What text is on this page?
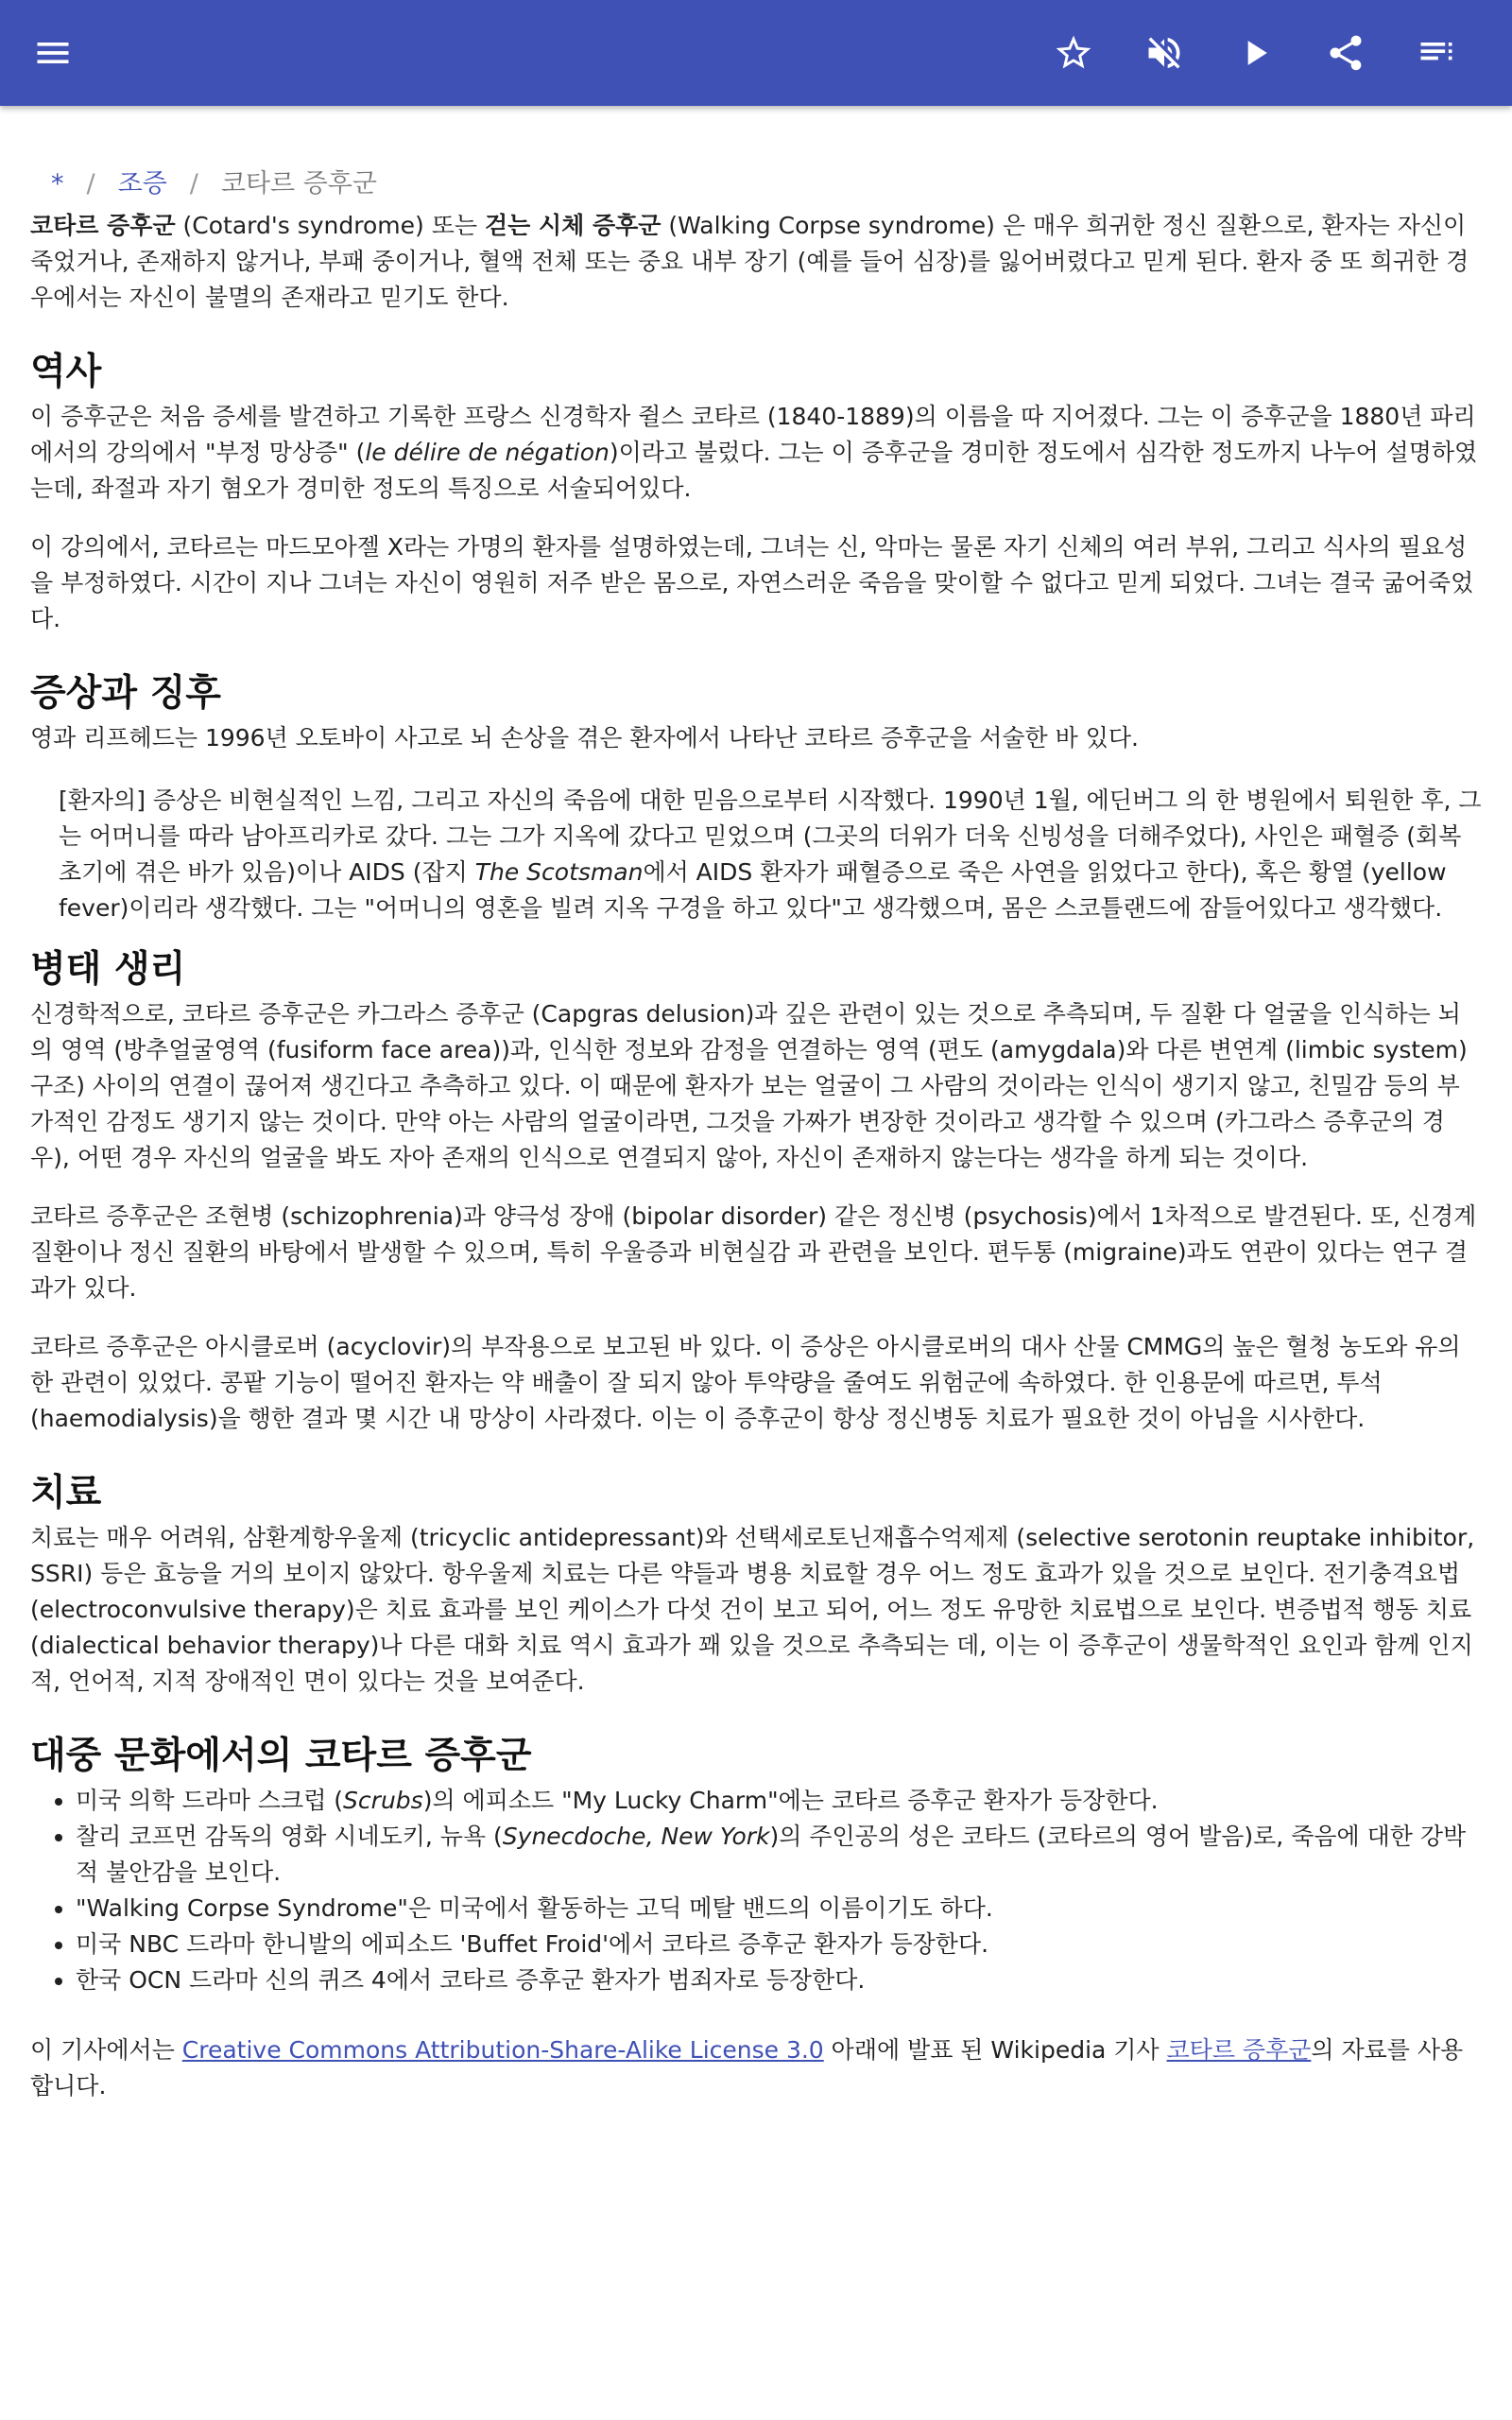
* / 조증 / 코타르 증후군

코타르 증후군 (Cotard's syndrome) 또는 걷는 시체 증후군 (Walking Corpse syndrome) 은 매우 희귀한 정신 질환으로, 환자는 자신이 죽었거나, 존재하지 않거나, 부패 중이거나, 혈액 전체 또는 중요 내부 장기 (예를 들어 심장)를 잃어버렸다고 믿게 된다. 환자 중 또 희귀한 경우에서는 자신이 불멸의 존재라고 믿기도 한다.

역사

이 증후군은 처음 증세를 발견하고 기록한 프랑스 신경학자 쥘스 코타르 (1840-1889)의 이름을 따 지어졌다. 그는 이 증후군을 1880년 파리 에서의 강의에서 "부정 망상증" (le délire de négation)이라고 불렀다. 그는 이 증후군을 경미한 정도에서 심각한 정도까지 나누어 설명하였는데, 좌절과 자기 혐오가 경미한 정도의 특징으로 서술되어있다.

이 강의에서, 코타르는 마드모아젤 X라는 가명의 환자를 설명하였는데, 그녀는 신, 악마는 물론 자기 신체의 여러 부위, 그리고 식사의 필요성을 부정하였다. 시간이 지나 그녀는 자신이 영원히 저주 받은 몸으로, 자연스러운 죽음을 맞이할 수 없다고 믿게 되었다. 그녀는 결국 굶어죽었다.

증상과 징후

영과 리프헤드는 1996년 오토바이 사고로 뇌 손상을 겪은 환자에서 나타난 코타르 증후군을 서술한 바 있다.

[환자의] 증상은 비현실적인 느낌, 그리고 자신의 죽음에 대한 믿음으로부터 시작했다. 1990년 1월, 에딘버그 의 한 병원에서 퇴원한 후, 그는 어머니를 따라 남아프리카로 갔다. 그는 그가 지옥에 갔다고 믿었으며 (그곳의 더위가 더욱 신빙성을 더해주었다), 사인은 패혈증 (회복 초기에 겪은 바가 있음)이나 AIDS (잡지 The Scotsman에서 AIDS 환자가 패혈증으로 죽은 사연을 읽었다고 한다), 혹은 황열 (yellow fever)이리라 생각했다. 그는 "어머니의 영혼을 빌려 지옥 구경을 하고 있다"고 생각했으며, 몸은 스코틀랜드에 잠들어있다고 생각했다.

병태 생리

신경학적으로, 코타르 증후군은 카그라스 증후군 (Capgras delusion)과 깊은 관련이 있는 것으로 추측되며, 두 질환 다 얼굴을 인식하는 뇌의 영역 (방추얼굴영역 (fusiform face area))과, 인식한 정보와 감정을 연결하는 영역 (편도 (amygdala)와 다른 변연계 (limbic system) 구조) 사이의 연결이 끊어져 생긴다고 추측하고 있다. 이 때문에 환자가 보는 얼굴이 그 사람의 것이라는 인식이 생기지 않고, 친밀감 등의 부가적인 감정도 생기지 않는 것이다. 만약 아는 사람의 얼굴이라면, 그것을 가짜가 변장한 것이라고 생각할 수 있으며 (카그라스 증후군의 경우), 어떤 경우 자신의 얼굴을 봐도 자아 존재의 인식으로 연결되지 않아, 자신이 존재하지 않는다는 생각을 하게 되는 것이다.

코타르 증후군은 조현병 (schizophrenia)과 양극성 장애 (bipolar disorder) 같은 정신병 (psychosis)에서 1차적으로 발견된다. 또, 신경계 질환이나 정신 질환의 바탕에서 발생할 수 있으며, 특히 우울증과 비현실감 과 관련을 보인다. 편두통 (migraine)과도 연관이 있다는 연구 결과가 있다.

코타르 증후군은 아시클로버 (acyclovir)의 부작용으로 보고된 바 있다. 이 증상은 아시클로버의 대사 산물 CMMG의 높은 혈청 농도와 유의한 관련이 있었다. 콩팥 기능이 떨어진 환자는 약 배출이 잘 되지 않아 투약량을 줄여도 위험군에 속하였다. 한 인용문에 따르면, 투석 (haemodialysis)을 행한 결과 몇 시간 내 망상이 사라졌다. 이는 이 증후군이 항상 정신병동 치료가 필요한 것이 아님을 시사한다.

치료

치료는 매우 어려워, 삼환계항우울제 (tricyclic antidepressant)와 선택세로토닌재흡수억제제 (selective serotonin reuptake inhibitor, SSRI) 등은 효능을 거의 보이지 않았다. 항우울제 치료는 다른 약들과 병용 치료할 경우 어느 정도 효과가 있을 것으로 보인다. 전기충격요법 (electroconvulsive therapy)은 치료 효과를 보인 케이스가 다섯 건이 보고 되어, 어느 정도 유망한 치료법으로 보인다. 변증법적 행동 치료 (dialectical behavior therapy)나 다른 대화 치료 역시 효과가 꽤 있을 것으로 추측되는 데, 이는 이 증후군이 생물학적인 요인과 함께 인지적, 언어적, 지적 장애적인 면이 있다는 것을 보여준다.

대중 문화에서의 코타르 증후군
• 미국 의학 드라마 스크럽 (Scrubs)의 에피소드 "My Lucky Charm"에는 코타르 증후군 환자가 등장한다.
• 찰리 코프먼 감독의 영화 시네도키, 뉴욕 (Synecdoche, New York)의 주인공의 성은 코타드 (코타르의 영어 발음)로, 죽음에 대한 강박적 불안감을 보인다.
• "Walking Corpse Syndrome"은 미국에서 활동하는 고딕 메탈 밴드의 이름이기도 하다.
• 미국 NBC 드라마 한니발의 에피소드 'Buffet Froid'에서 코타르 증후군 환자가 등장한다.
• 한국 OCN 드라마 신의 퀴즈 4에서 코타르 증후군 환자가 범죄자로 등장한다.

이 기사에서는 Creative Commons Attribution-Share-Alike License 3.0 아래에 발표 된 Wikipedia 기사 코타르 증후군의 자료를 사용합니다.
